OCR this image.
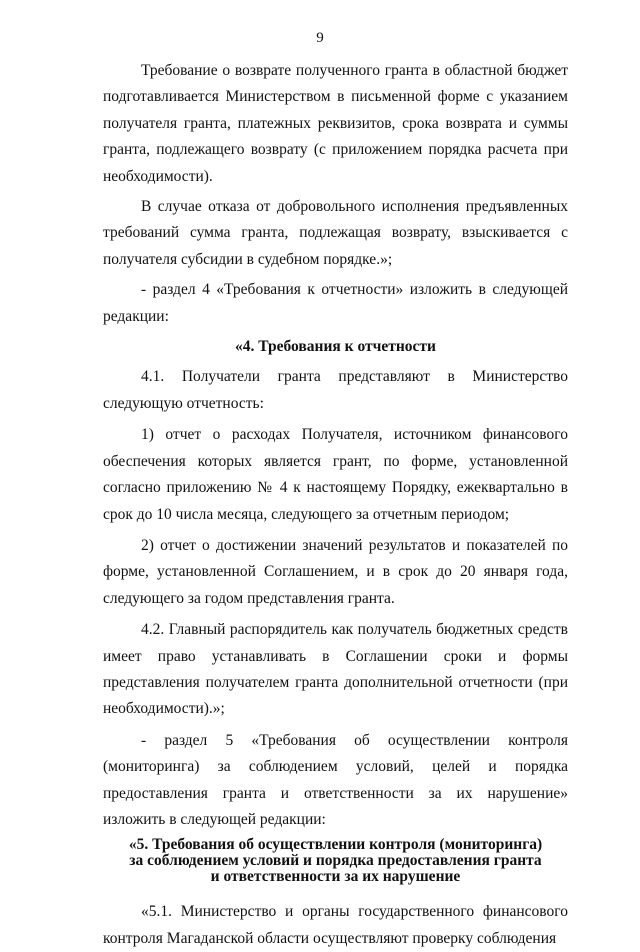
9

Требование о возврате полученного гранта в областной бюджет подготавливается Министерством в письменной форме с указанием получателя гранта, платежных реквизитов, срока возврата и суммы гранта, подлежащего возврату (с приложением порядка расчета при необходимости).

В случае отказа от добровольного исполнения предъявленных требований сумма гранта, подлежащая возврату, взыскивается с получателя субсидии в судебном порядке.»;

- раздел 4 «Требования к отчетности» изложить в следующей редакции:

«4. Требования к отчетности

4.1. Получатели гранта представляют в Министерство следующую отчетность:

1) отчет о расходах Получателя, источником финансового обеспечения которых является грант, по форме, установленной согласно приложению № 4 к настоящему Порядку, ежеквартально в срок до 10 числа месяца, следующего за отчетным периодом;

2) отчет о достижении значений результатов и показателей по форме, установленной Соглашением, и в срок до 20 января года, следующего за годом представления гранта.

4.2. Главный распорядитель как получатель бюджетных средств имеет право устанавливать в Соглашении сроки и формы представления получателем гранта дополнительной отчетности (при необходимости).»;

- раздел 5 «Требования об осуществлении контроля (мониторинга) за соблюдением условий, целей и порядка предоставления гранта и ответственности за их нарушение» изложить в следующей редакции:

«5. Требования об осуществлении контроля (мониторинга)
за соблюдением условий и порядка предоставления гранта
и ответственности за их нарушение

«5.1. Министерство и органы государственного финансового контроля Магаданской области осуществляют проверку соблюдения
